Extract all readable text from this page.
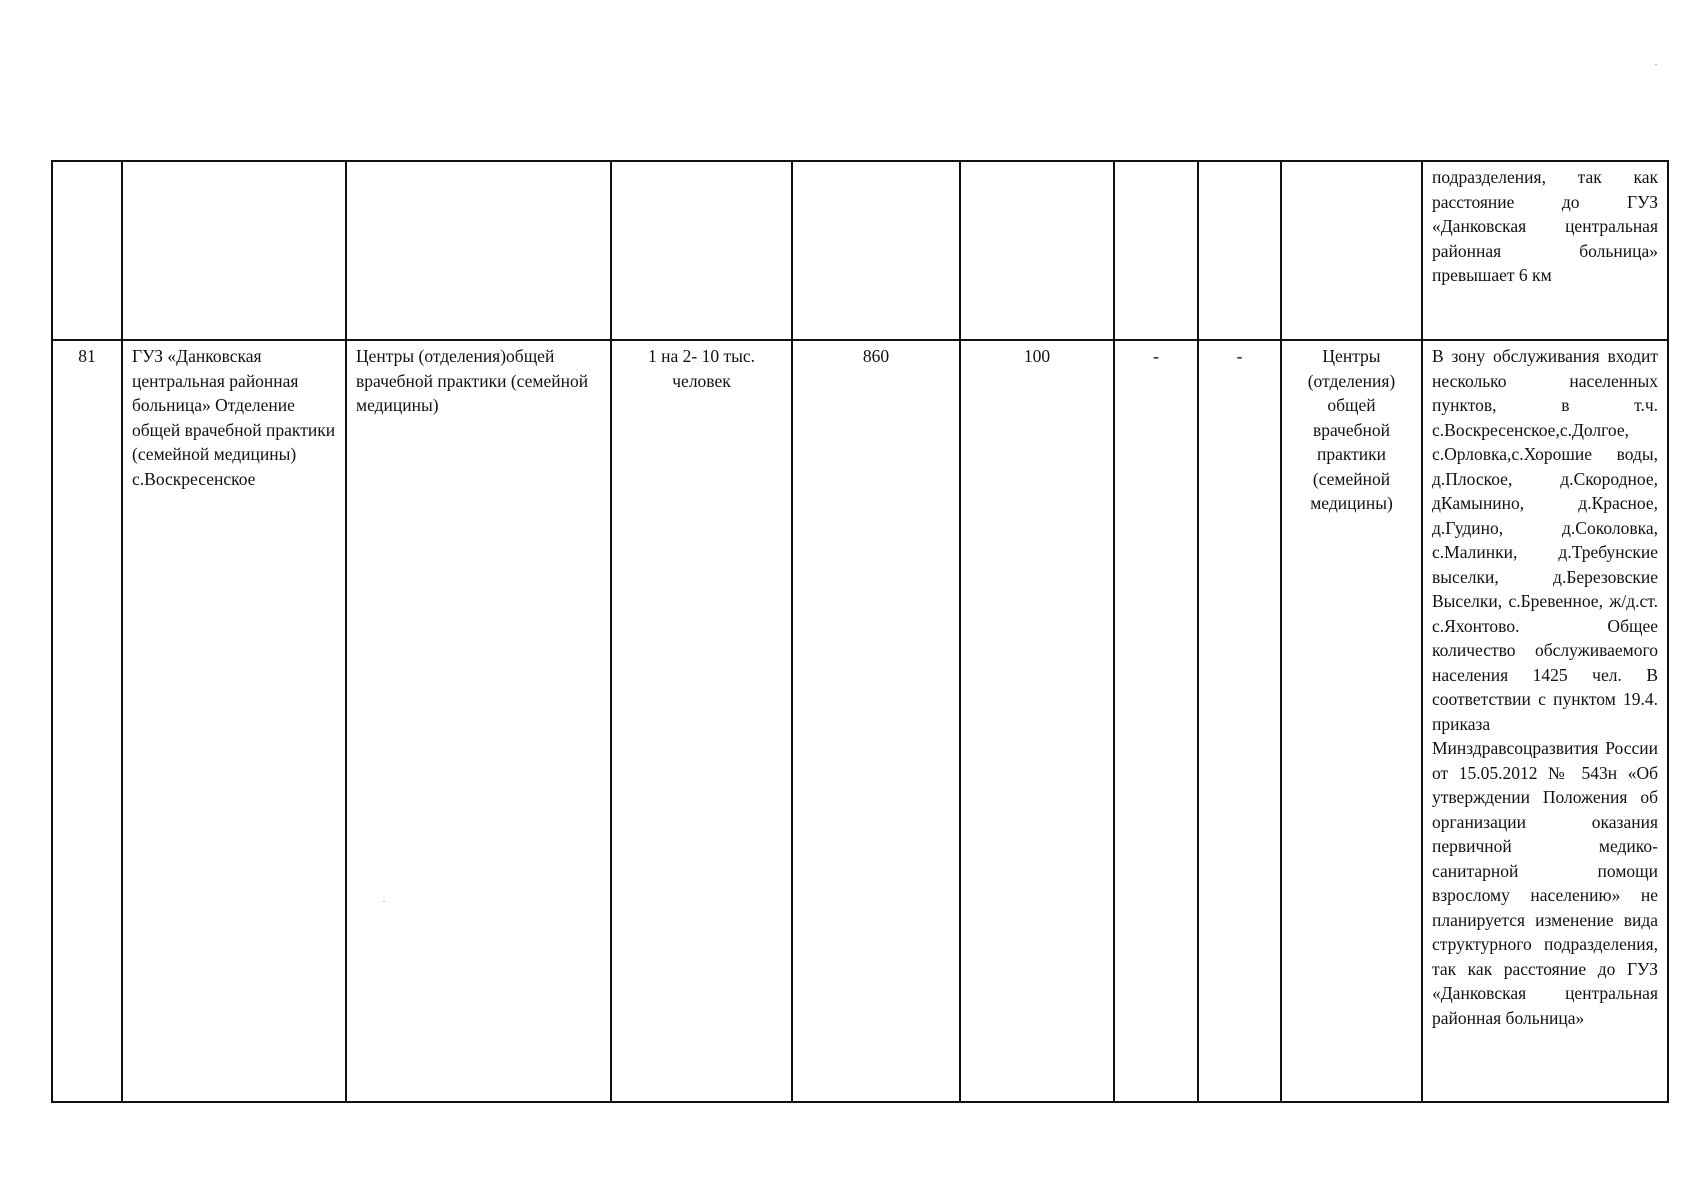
									подразделения, так как расстояние до ГУЗ «Данковская центральная районная больница» превышает 6 км
81	ГУЗ «Данковская центральная районная больница» Отделение общей врачебной практики (семейной медицины) с.Воскресенское	Центры (отделения)общей врачебной практики (семейной медицины)	1 на 2- 10 тыс. человек	860	100	-	-	Центры (отделения) общей врачебной практики (семейной медицины)	В зону обслуживания входит несколько населенных пунктов, в т.ч. с.Воскресенское,с.Долгое, с.Орловка,с.Хорошие воды, д.Плоское, д.Скородное, дКамынино, д.Красное, д.Гудино, д.Соколовка, с.Малинки, д.Требунские выселки, д.Березовские Выселки, с.Бревенное, ж/д.ст. с.Яхонтово. Общее количество обслуживаемого населения 1425 чел. В соответствии с пунктом 19.4. приказа Минздравсоцразвития России от 15.05.2012 № 543н «Об утверждении Положения об организации оказания первичной медико-санитарной помощи взрослому населению» не планируется изменение вида структурного подразделения, так как расстояние до ГУЗ «Данковская центральная районная больница»
